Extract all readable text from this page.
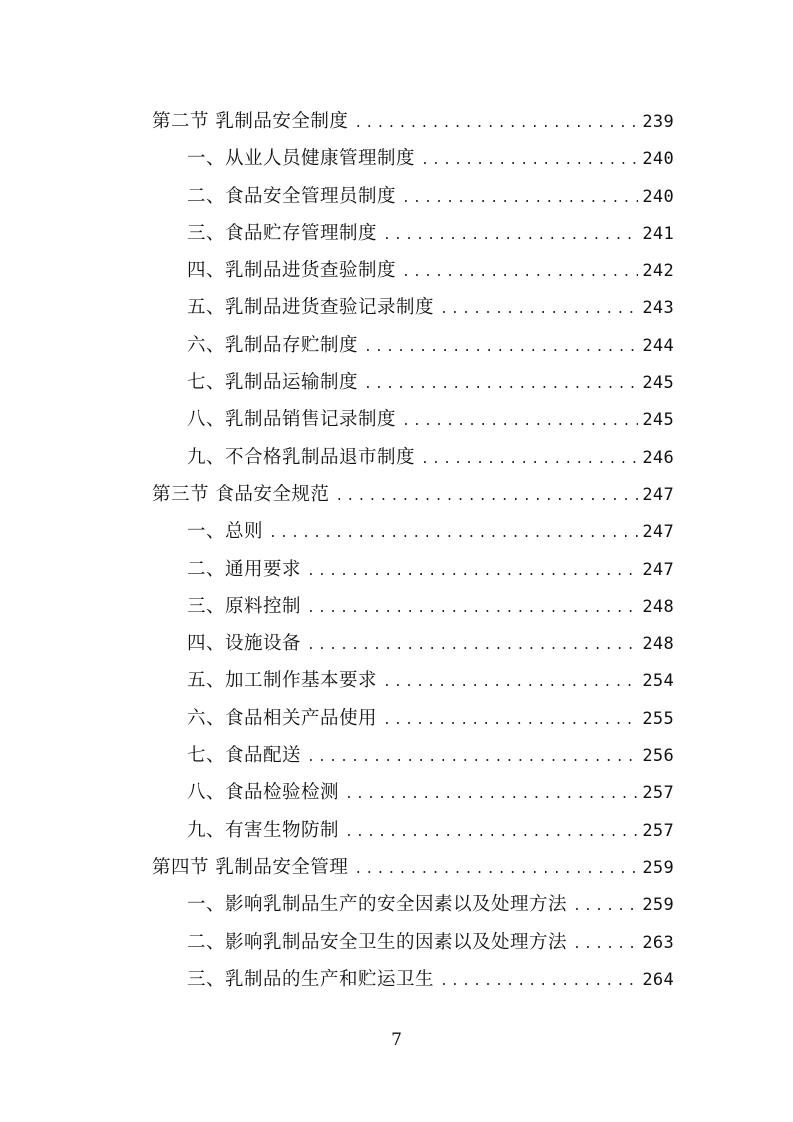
第二节 乳制品安全制度 .....	239
一、从业人员健康管理制度 .....	240
二、食品安全管理员制度 .....	240
三、食品贮存管理制度 .....	241
四、乳制品进货查验制度 .....	242
五、乳制品进货查验记录制度 .....	243
六、乳制品存贮制度 .....	244
七、乳制品运输制度 .....	245
八、乳制品销售记录制度 .....	245
九、不合格乳制品退市制度 .....	246
第三节 食品安全规范 .....	247
一、总则 .....	247
二、通用要求 .....	247
三、原料控制 .....	248
四、设施设备 .....	248
五、加工制作基本要求 .....	254
六、食品相关产品使用 .....	255
七、食品配送 .....	256
八、食品检验检测 .....	257
九、有害生物防制 .....	257
第四节 乳制品安全管理 .....	259
一、影响乳制品生产的安全因素以及处理方法 .....	259
二、影响乳制品安全卫生的因素以及处理方法 .....	263
三、乳制品的生产和贮运卫生 .....	264
7
